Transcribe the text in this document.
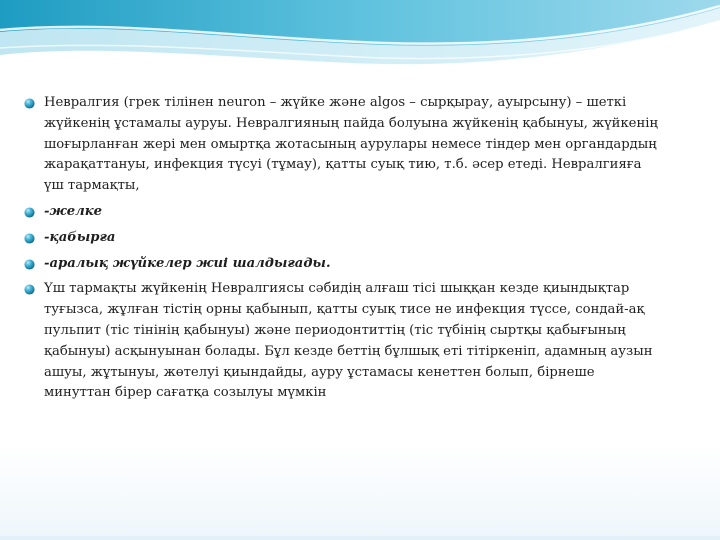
Невралгия (грек тілінен neuron – жүйке және algos – сырқырау, ауырсыну) – шеткі жүйкенің ұстамалы ауруы. Невралгияның пайда болуына жүйкенің қабынуы, жүйкенің шоғырланған жері мен омыртқа жотасының аурулары немесе тіндер мен органдардың жарақаттануы, инфекция түсуі (тұмау), қатты суық тию, т.б. әсер етеді. Невралгияға үш тармақты,
-желке
-қабырға
-аралық жүйкелер жиі шалдығады.
Үш тармақты жүйкенің Невралгиясы сәбидің алғаш тісі шыққан кезде қиындықтар туғызса, жұлған тістің орны қабынып, қатты суық тисе не инфекция түссе, сондай-ақ пульпит (тіс тінінің қабынуы) және периодонтиттің (тіс түбінің сыртқы қабығының қабынуы) асқынуынан болады. Бұл кезде беттің бұлшық еті тітіркеніп, адамның аузын ашуы, жұтынуы, жөтелуі қиындайды, ауру ұстамасы кенеттен болып, бірнеше минуттан бірер сағатқа созылуы мүмкін
